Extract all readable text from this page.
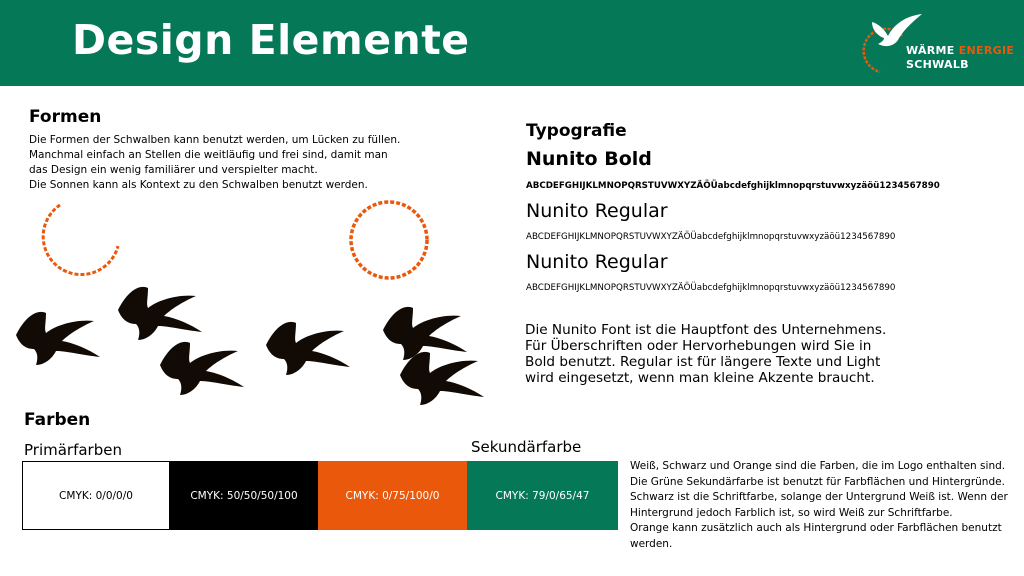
Design Elemente	WÄRME ENERGIE
SCHWALB
Formen
Die Formen der Schwalben kann benutzt werden, um Lücken zu füllen.
Manchmal einfach an Stellen die weitläufig und frei sind, damit man
das Design ein wenig familiärer und verspielter macht.
Die Sonnen kann als Kontext zu den Schwalben benutzt werden.
Typografie
Nunito Bold
ABCDEFGHIJKLMNOPQRSTUVWXYZÄÖÜabcdefghijklmnopqrstuvwxyzäöü1234567890
Nunito Regular
ABCDEFGHIJKLMNOPQRSTUVWXYZÄÖÜabcdefghijklmnopqrstuvwxyzäöü1234567890
Nunito Regular
ABCDEFGHIJKLMNOPQRSTUVWXYZÄÖÜabcdefghijklmnopqrstuvwxyzäöü1234567890
Die Nunito Font ist die Hauptfont des Unternehmens.
Für Überschriften oder Hervorhebungen wird Sie in
Bold benutzt. Regular ist für längere Texte und Light
wird eingesetzt, wenn man kleine Akzente braucht.
Farben
Primärfarben	Sekundärfarbe
CMYK: 0/0/0/0	CMYK: 50/50/50/100	CMYK: 0/75/100/0	CMYK: 79/0/65/47
Weiß, Schwarz und Orange sind die Farben, die im Logo enthalten sind.
Die Grüne Sekundärfarbe ist benutzt für Farbflächen und Hintergründe.
Schwarz ist die Schriftfarbe, solange der Untergrund Weiß ist. Wenn der
Hintergrund jedoch Farblich ist, so wird Weiß zur Schriftfarbe.
Orange kann zusätzlich auch als Hintergrund oder Farbflächen benutzt
werden.
